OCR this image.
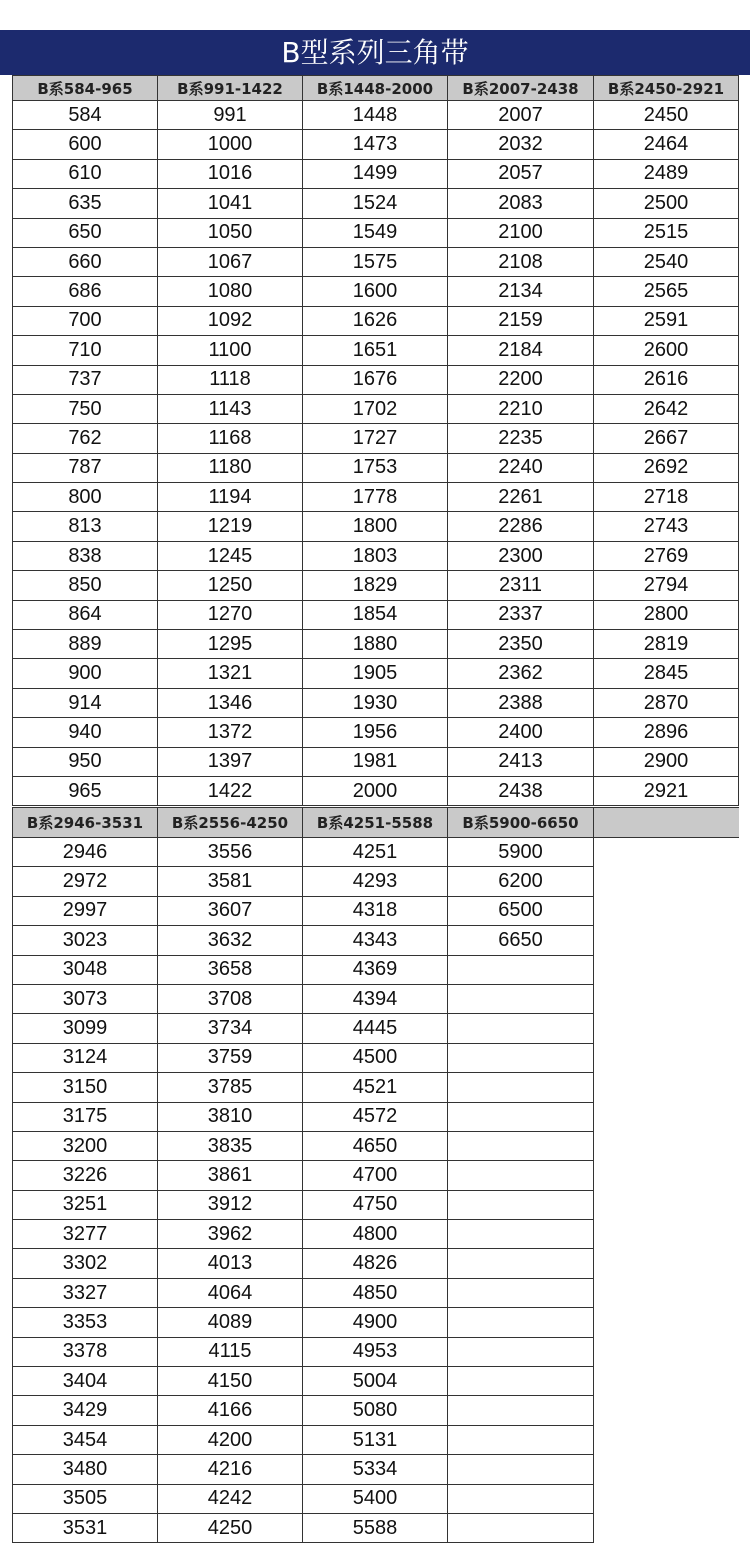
B型系列三角带
B系584-965	B系991-1422	B系1448-2000	B系2007-2438	B系2450-2921
584	991	1448	2007	2450
600	1000	1473	2032	2464
610	1016	1499	2057	2489
635	1041	1524	2083	2500
650	1050	1549	2100	2515
660	1067	1575	2108	2540
686	1080	1600	2134	2565
700	1092	1626	2159	2591
710	1100	1651	2184	2600
737	1118	1676	2200	2616
750	1143	1702	2210	2642
762	1168	1727	2235	2667
787	1180	1753	2240	2692
800	1194	1778	2261	2718
813	1219	1800	2286	2743
838	1245	1803	2300	2769
850	1250	1829	2311	2794
864	1270	1854	2337	2800
889	1295	1880	2350	2819
900	1321	1905	2362	2845
914	1346	1930	2388	2870
940	1372	1956	2400	2896
950	1397	1981	2413	2900
965	1422	2000	2438	2921
B系2946-3531	B系2556-4250	B系4251-5588	B系5900-6650	
2946	3556	4251	5900	
2972	3581	4293	6200	
2997	3607	4318	6500	
3023	3632	4343	6650	
3048	3658	4369		
3073	3708	4394		
3099	3734	4445		
3124	3759	4500		
3150	3785	4521		
3175	3810	4572		
3200	3835	4650		
3226	3861	4700		
3251	3912	4750		
3277	3962	4800		
3302	4013	4826		
3327	4064	4850		
3353	4089	4900		
3378	4115	4953		
3404	4150	5004		
3429	4166	5080		
3454	4200	5131		
3480	4216	5334		
3505	4242	5400		
3531	4250	5588		
